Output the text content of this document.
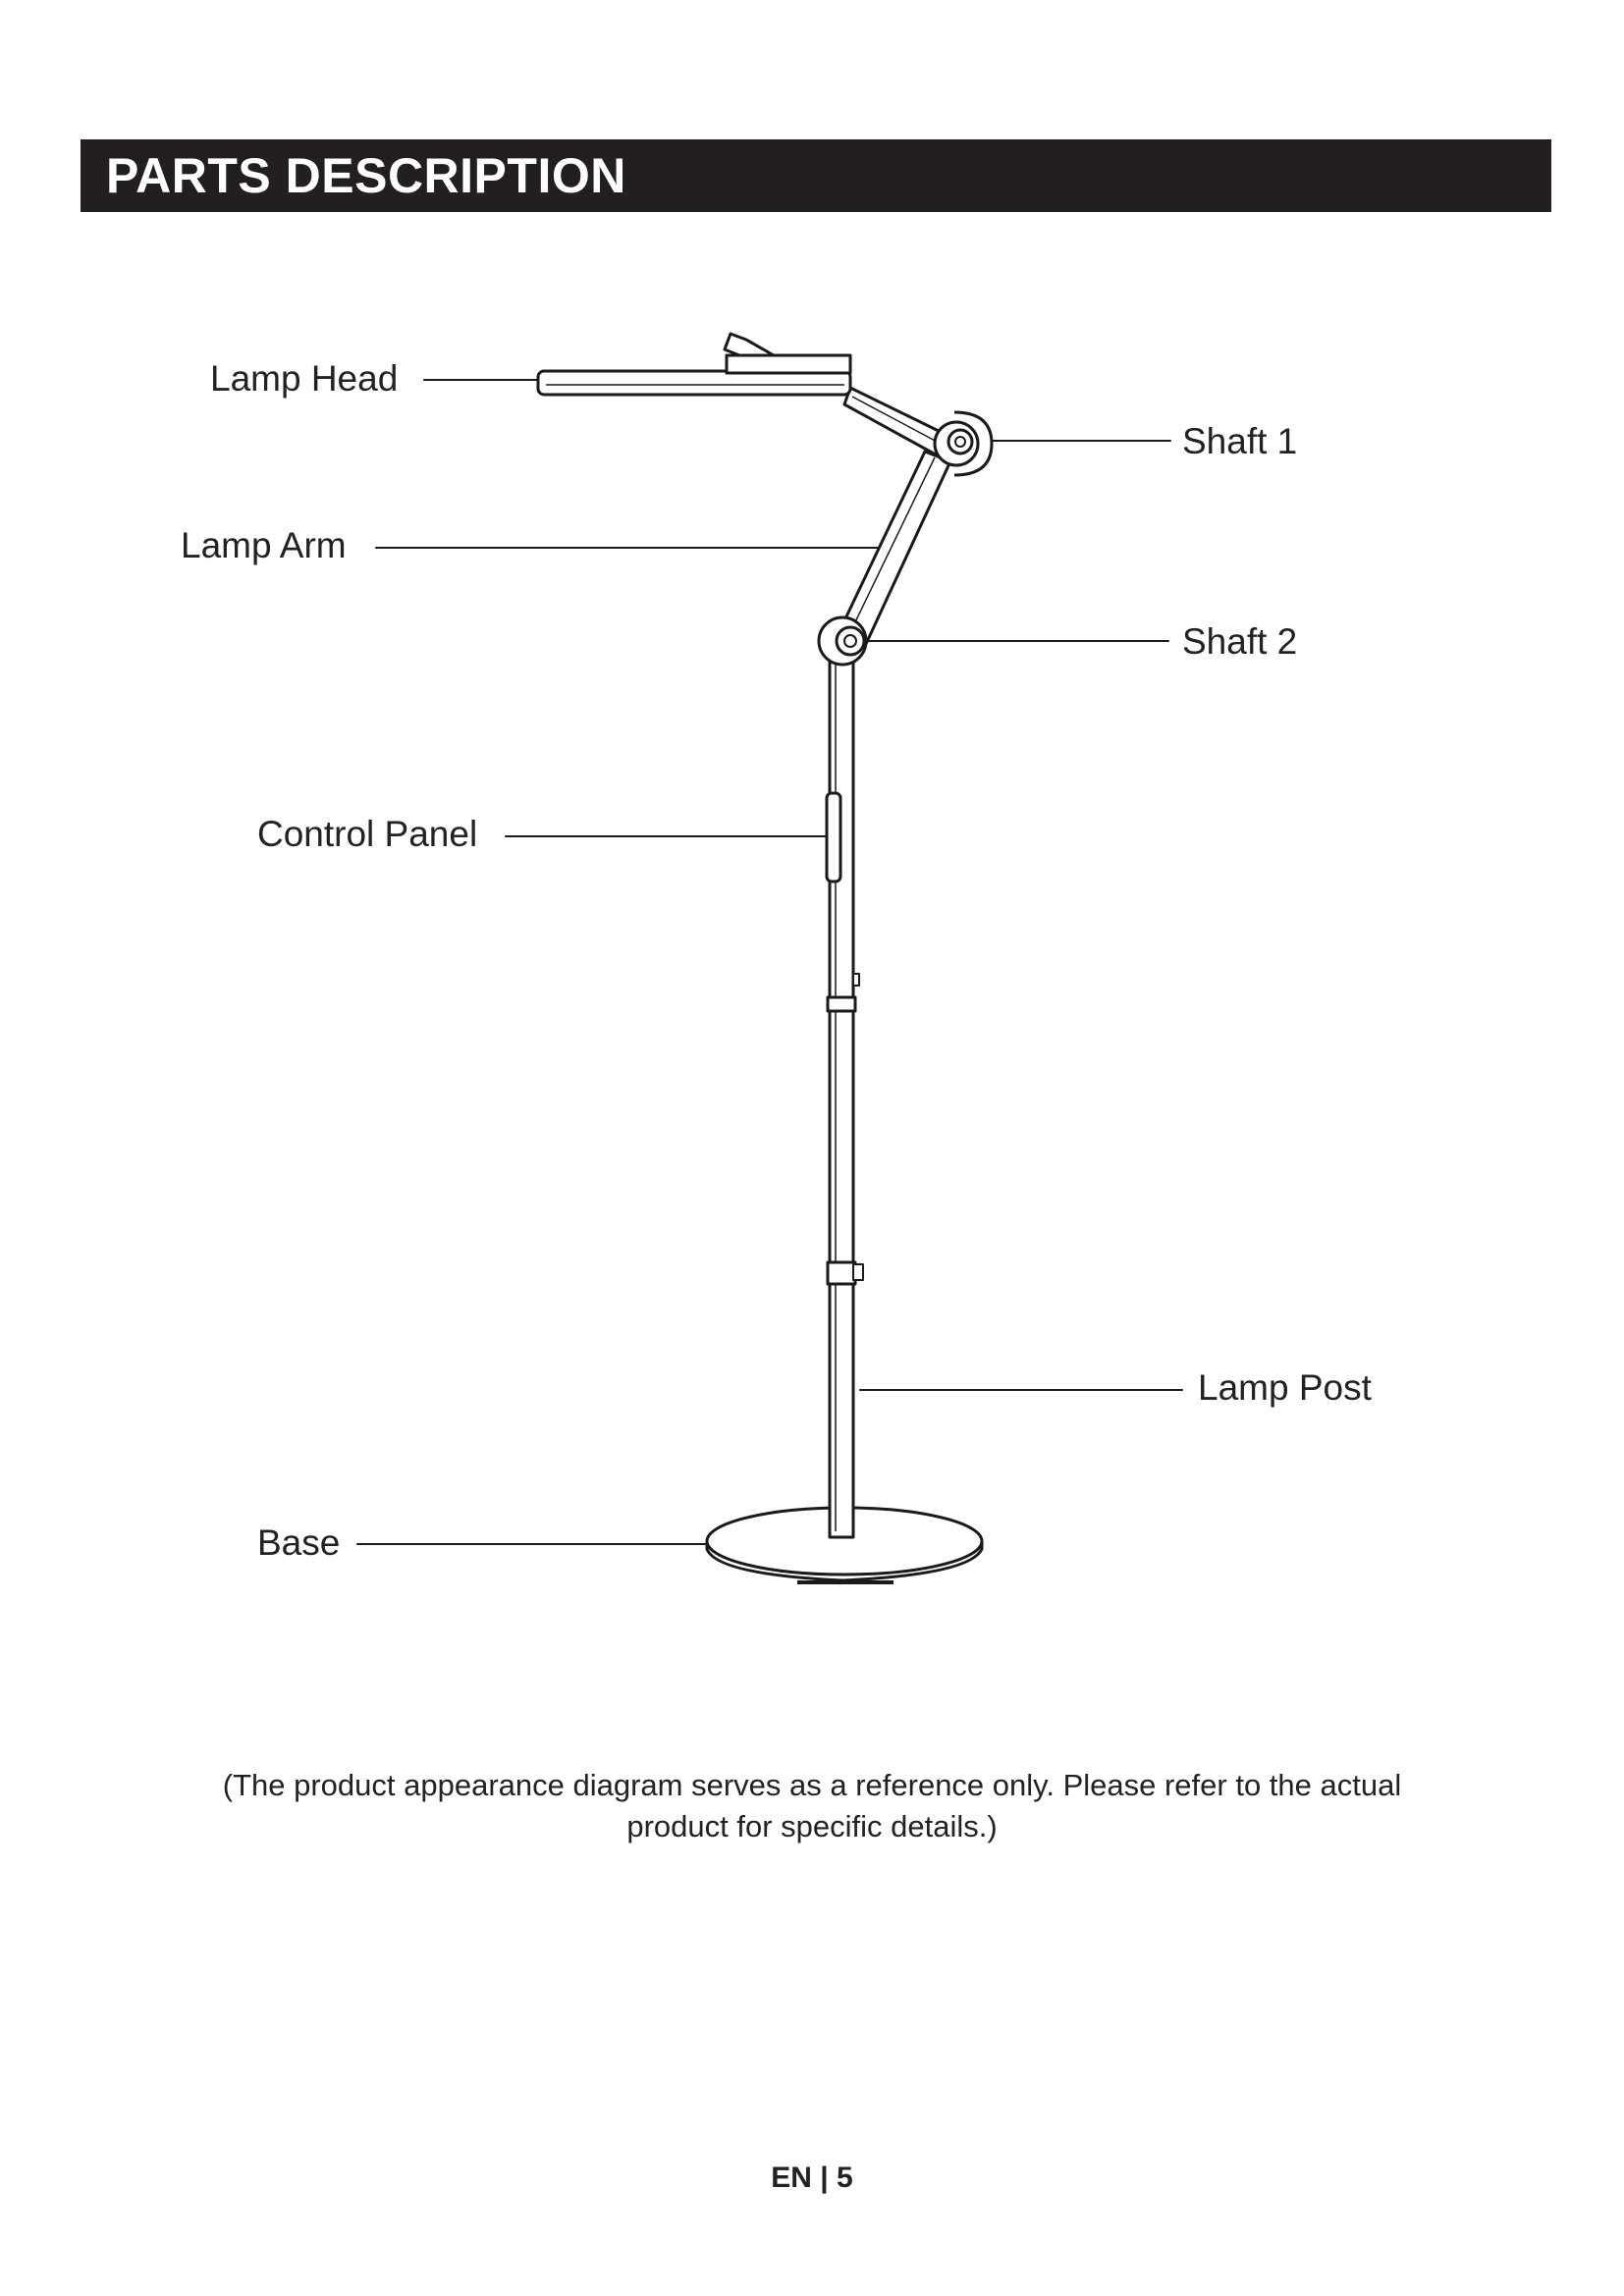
PARTS DESCRIPTION
Lamp Head
Lamp Arm
Control Panel
Base
Shaft 1
Shaft 2
Lamp Post
(The product appearance diagram serves as a reference only. Please refer to the actual
product for specific details.)
EN | 5
